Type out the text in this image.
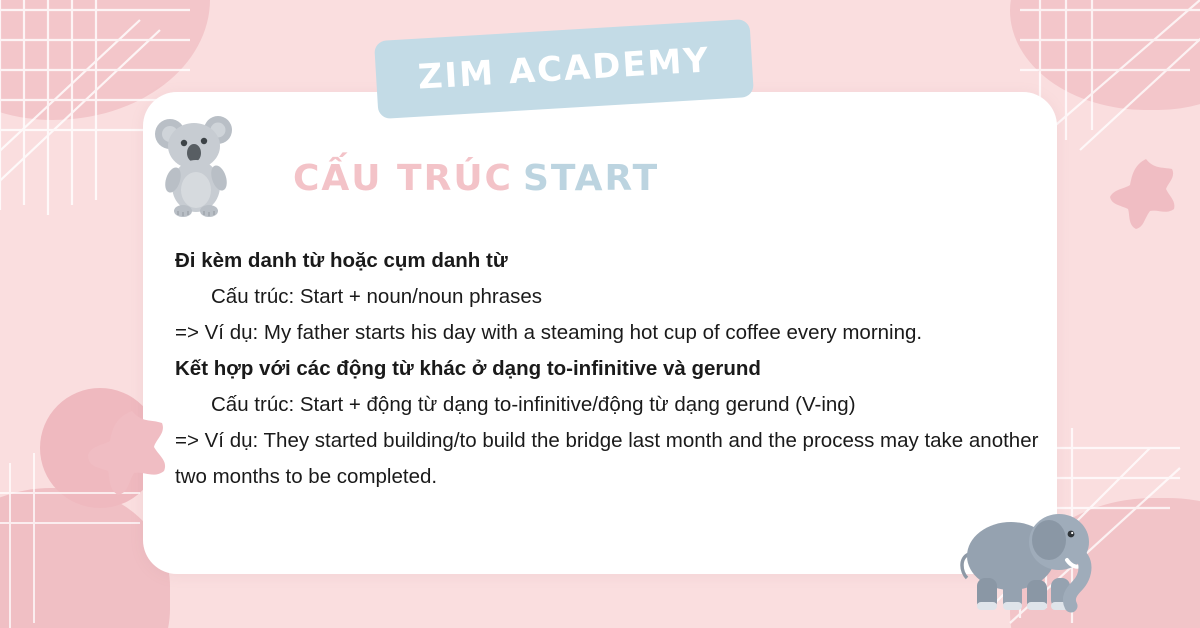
ZIM ACADEMY
CẤU TRÚC START

Đi kèm danh từ hoặc cụm danh từ

Cấu trúc: Start + noun/noun phrases

=> Ví dụ: My father starts his day with a steaming hot cup of coffee every morning.

Kết hợp với các động từ khác ở dạng to-infinitive và gerund

Cấu trúc: Start + động từ dạng to-infinitive/động từ dạng gerund (V-ing)

=> Ví dụ: They started building/to build the bridge last month and the process may take another two months to be completed.
